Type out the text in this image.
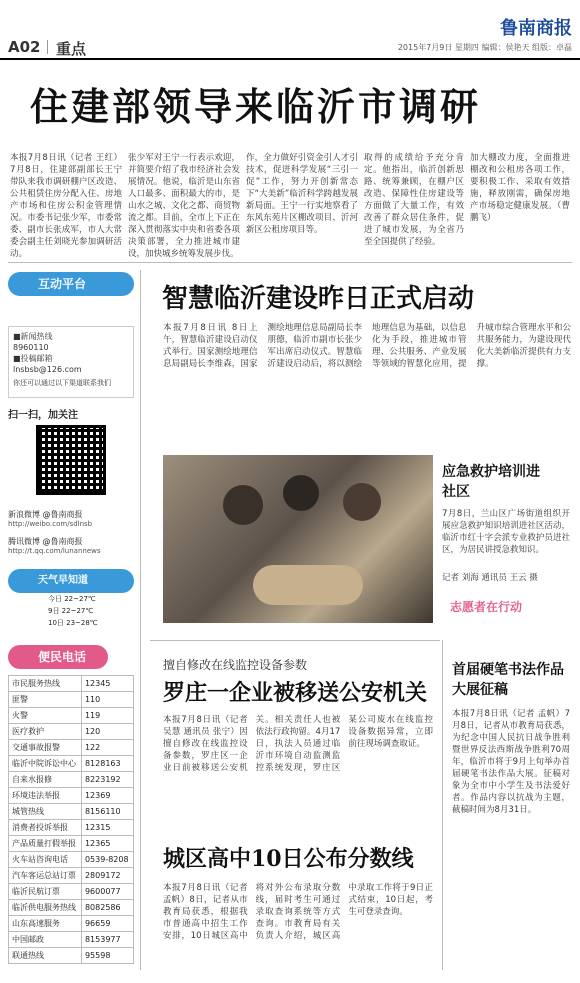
A02 重点
鲁南商报
2015年7月9日 星期四 编辑：侯艳天 组版：卓磊
住建部领导来临沂市调研
本报7月8日讯（记者 王红）7月8日，住建部副部长王宁带队来我市调研棚户区改造、公共租赁住房分配入住、房地产市场和住房公积金管理情况。市委书记张少军，市委常委、副市长张成军，市人大常委会副主任刘晓光参加调研活动。
张少军对王宁一行表示欢迎，并简要介绍了我市经济社会发展情况。他说，临沂是山东省人口最多、面积最大的市，是山水之城、文化之都、商贸物流之都。目前，全市上下正在深入贯彻落实中央和省委各项决策部署，全力推进城市建设，加快城乡统筹发展步伐。
作，全力做好引资金引人才引技术，促进科学发展“三引一促”工作，努力开创新常态下“大美新”临沂科学跨越发展新局面。王宁一行实地察看了东风东苑片区棚改项目、沂河新区公租房项目等。
取得的成绩给予充分肯定。他指出，临沂创新思路、统筹兼顾，在棚户区改造、保障性住房建设等方面做了大量工作，有效改善了群众居住条件，促进了城市发展，为全省乃至全国提供了经验。
加大棚改力度，全面推进棚改和公租房各项工作，要积极工作、采取有效措施，释放刚需，确保房地产市场稳定健康发展。（曹鹏飞）
互动平台
■新闻热线
8960110
■投稿邮箱
lnsbsb@126.com
你还可以通过以下渠道联系我们
扫一扫，加关注
新浪微博 @鲁南商报
http://weibo.com/sdlnsb
腾讯微博 @鲁南商报
http://t.qq.com/lunannews
天气早知道
今日 22~27℃
9日 22~27℃
10日 23~28℃
便民电话
市民服务热线	12345
匪警	110
火警	119
医疗救护	120
交通事故报警	122
临沂中院诉讼中心	8128163
自来水报修	8223192
环境违法举报	12369
城管热线	8156110
消费者投诉举报	12315
产品质量打假举报	12365
火车站咨询电话	0539-8208
汽车客运总站订票	2809172
临沂民航订票	9600077
临沂供电服务热线	8082586
山东高速服务	96659
中国邮政	8153977
联通热线	95598
智慧临沂建设昨日正式启动
本报7月8日讯 8日上午，智慧临沂建设启动仪式举行。国家测绘地理信息局副局长李维森，国家测绘地理信息局副局长李朋德，临沂市副市长张少军出席启动仪式。智慧临沂建设启动后，将以测绘地理信息为基础，以信息化为手段，推进城市管理、公共服务、产业发展等领域的智慧化应用，提升城市综合管理水平和公共服务能力，为建设现代化大美新临沂提供有力支撑。
应急救护培训进社区
7月8日，兰山区广场街道组织开展应急救护知识培训进社区活动，临沂市红十字会派专业救护员进社区，为居民讲授急救知识。
记者 刘海 通讯员 王云 摄
志愿者在行动
擅自修改在线监控设备参数
罗庄一企业被移送公安机关
本报7月8日讯（记者 吴慧 通讯员 张宁）因擅自修改在线监控设备参数，罗庄区一企业日前被移送公安机关。相关责任人也被依法行政拘留。4月17日，执法人员通过临沂市环境自动监测监控系统发现，罗庄区某公司废水在线监控设备数据异常，立即前往现场调查取证。
城区高中10日公布分数线
本报7月8日讯（记者 孟帆）8日，记者从市教育局获悉，根据我市普通高中招生工作安排，10日城区高中将对外公布录取分数线，届时考生可通过录取查询系统等方式查询。市教育局有关负责人介绍，城区高中录取工作将于9日正式结束，10日起，考生可登录查询。
首届硬笔书法作品大展征稿
本报7月8日讯（记者 孟帆）7月8日，记者从市教育局获悉，为纪念中国人民抗日战争胜利暨世界反法西斯战争胜利70周年，临沂市将于9月上旬举办首届硬笔书法作品大展。征稿对象为全市中小学生及书法爱好者。作品内容以抗战为主题，截稿时间为8月31日。
